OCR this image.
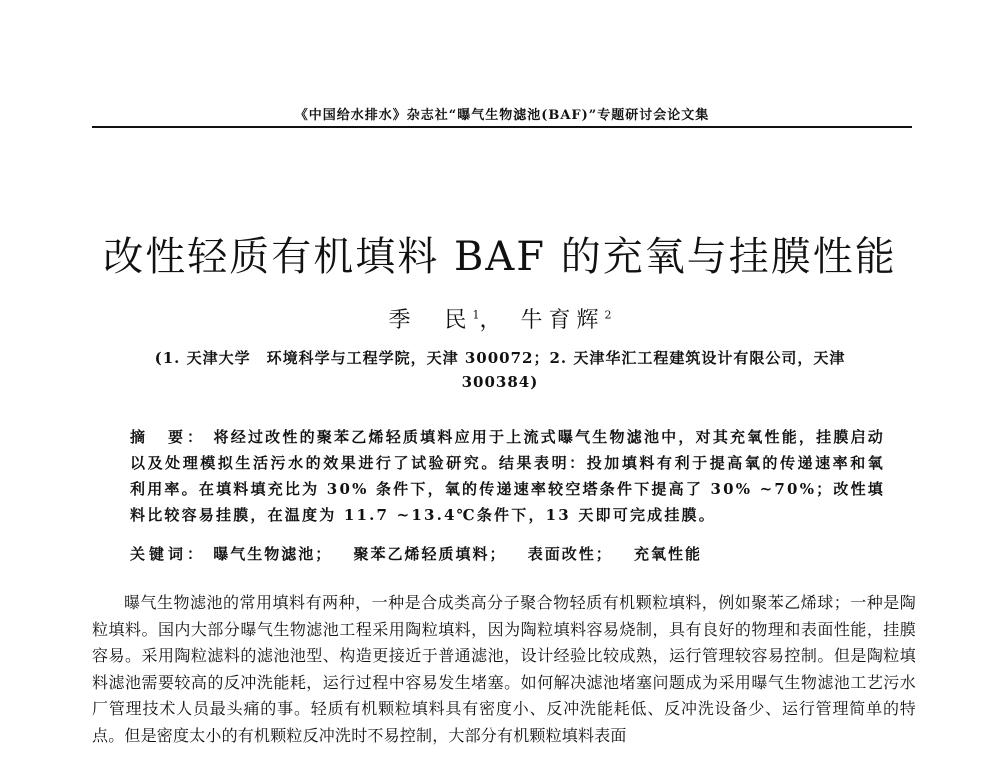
《中国给水排水》杂志社“曝气生物滤池(BAF)”专题研讨会论文集
改性轻质有机填料 BAF 的充氧与挂膜性能
季　民$^1$， 牛育辉$^2$
(1. 天津大学　环境科学与工程学院，天津 300072；2. 天津华汇工程建筑设计有限公司，天津 300384)
摘　要： 将经过改性的聚苯乙烯轻质填料应用于上流式曝气生物滤池中，对其充氧性能，挂膜启动以及处理模拟生活污水的效果进行了试验研究。结果表明：投加填料有利于提高氧的传递速率和氧利用率。在填料填充比为 30% 条件下，氧的传递速率较空塔条件下提高了 30% ~70%；改性填料比较容易挂膜，在温度为 11.7 ~13.4℃条件下，13 天即可完成挂膜。
关键词： 曝气生物滤池； 聚苯乙烯轻质填料； 表面改性； 充氧性能

曝气生物滤池的常用填料有两种，一种是合成类高分子聚合物轻质有机颗粒填料，例如聚苯乙烯球；一种是陶粒填料。国内大部分曝气生物滤池工程采用陶粒填料，因为陶粒填料容易烧制，具有良好的物理和表面性能，挂膜容易。采用陶粒滤料的滤池池型、构造更接近于普通滤池，设计经验比较成熟，运行管理较容易控制。但是陶粒填料滤池需要较高的反冲洗能耗，运行过程中容易发生堵塞。如何解决滤池堵塞问题成为采用曝气生物滤池工艺污水厂管理技术人员最头痛的事。轻质有机颗粒填料具有密度小、反冲洗能耗低、反冲洗设备少、运行管理简单的特点。但是密度太小的有机颗粒反冲洗时不易控制，大部分有机颗粒填料表面
